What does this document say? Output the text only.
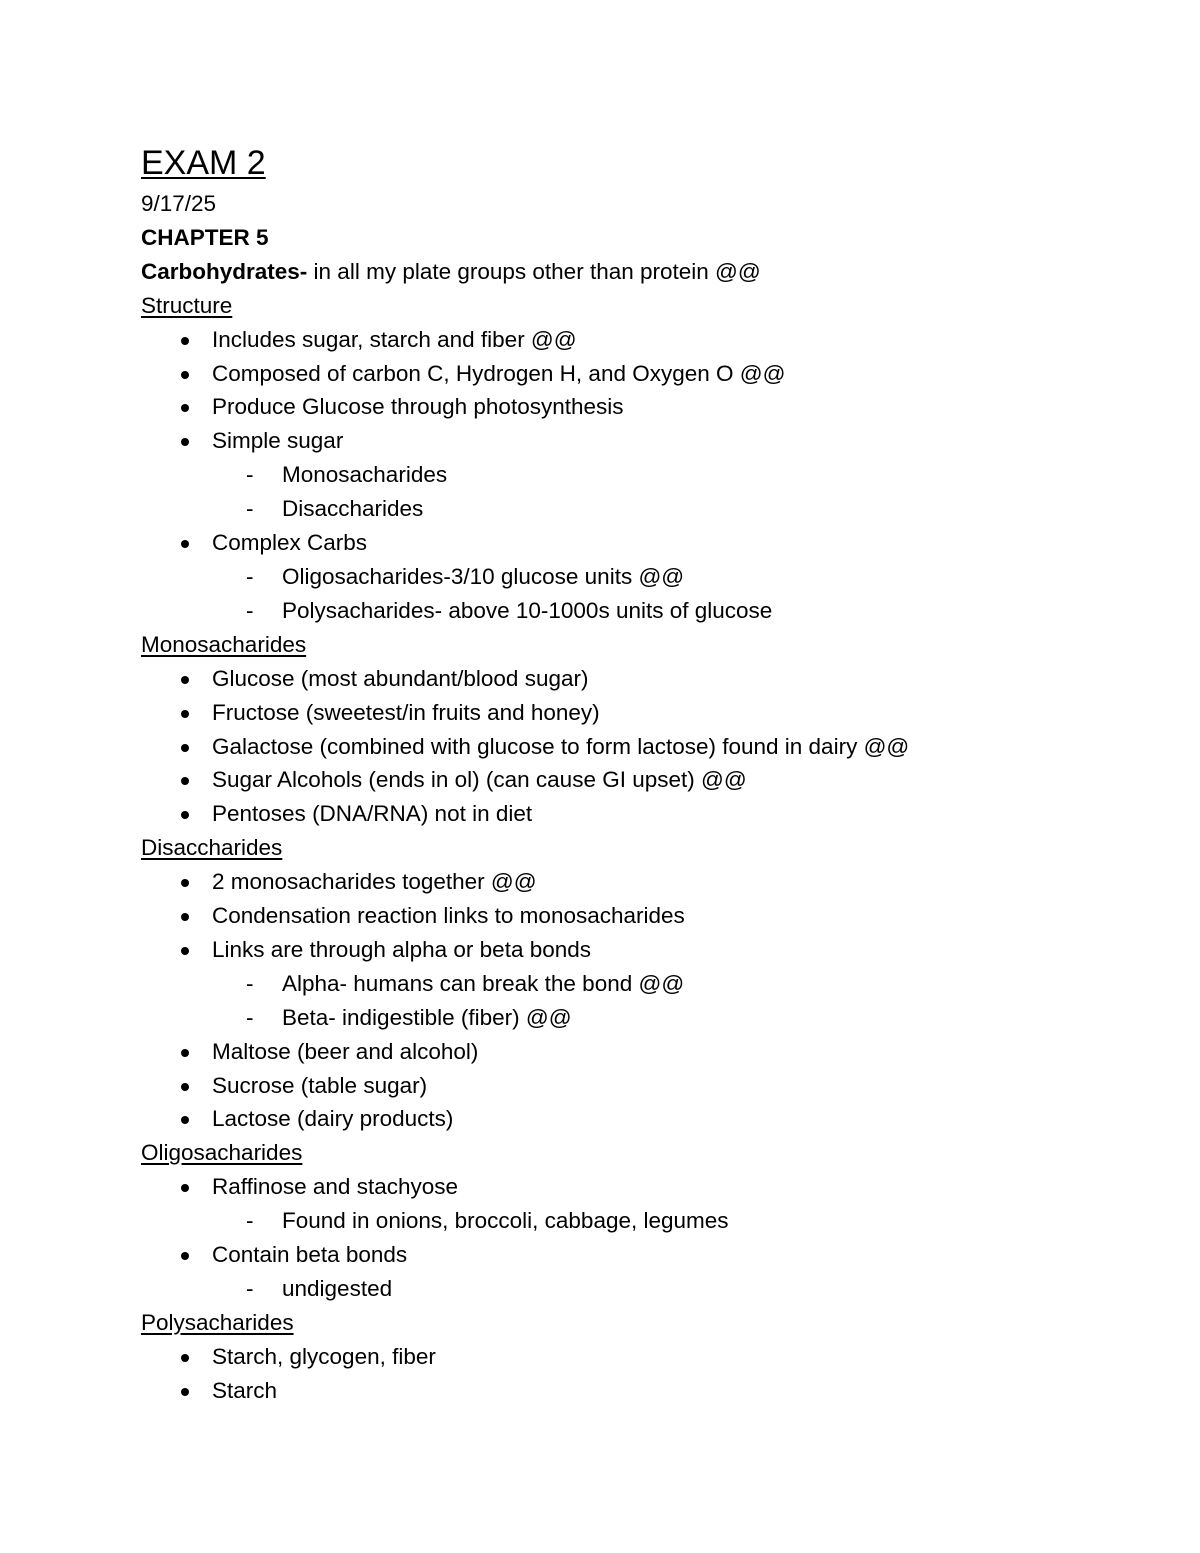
EXAM 2
9/17/25
CHAPTER 5
Carbohydrates- in all my plate groups other than protein @@
Structure
Includes sugar, starch and fiber @@
Composed of carbon C, Hydrogen H, and Oxygen O @@
Produce Glucose through photosynthesis
Simple sugar
- Monosacharides
- Disaccharides
Complex Carbs
- Oligosacharides-3/10 glucose units @@
- Polysacharides- above 10-1000s units of glucose
Monosacharides
Glucose (most abundant/blood sugar)
Fructose (sweetest/in fruits and honey)
Galactose (combined with glucose to form lactose) found in dairy @@
Sugar Alcohols (ends in ol) (can cause GI upset) @@
Pentoses (DNA/RNA) not in diet
Disaccharides
2 monosacharides together @@
Condensation reaction links to monosacharides
Links are through alpha or beta bonds
- Alpha- humans can break the bond @@
- Beta- indigestible (fiber) @@
Maltose (beer and alcohol)
Sucrose (table sugar)
Lactose (dairy products)
Oligosacharides
Raffinose and stachyose
- Found in onions, broccoli, cabbage, legumes
Contain beta bonds
- undigested
Polysacharides
Starch, glycogen, fiber
Starch
